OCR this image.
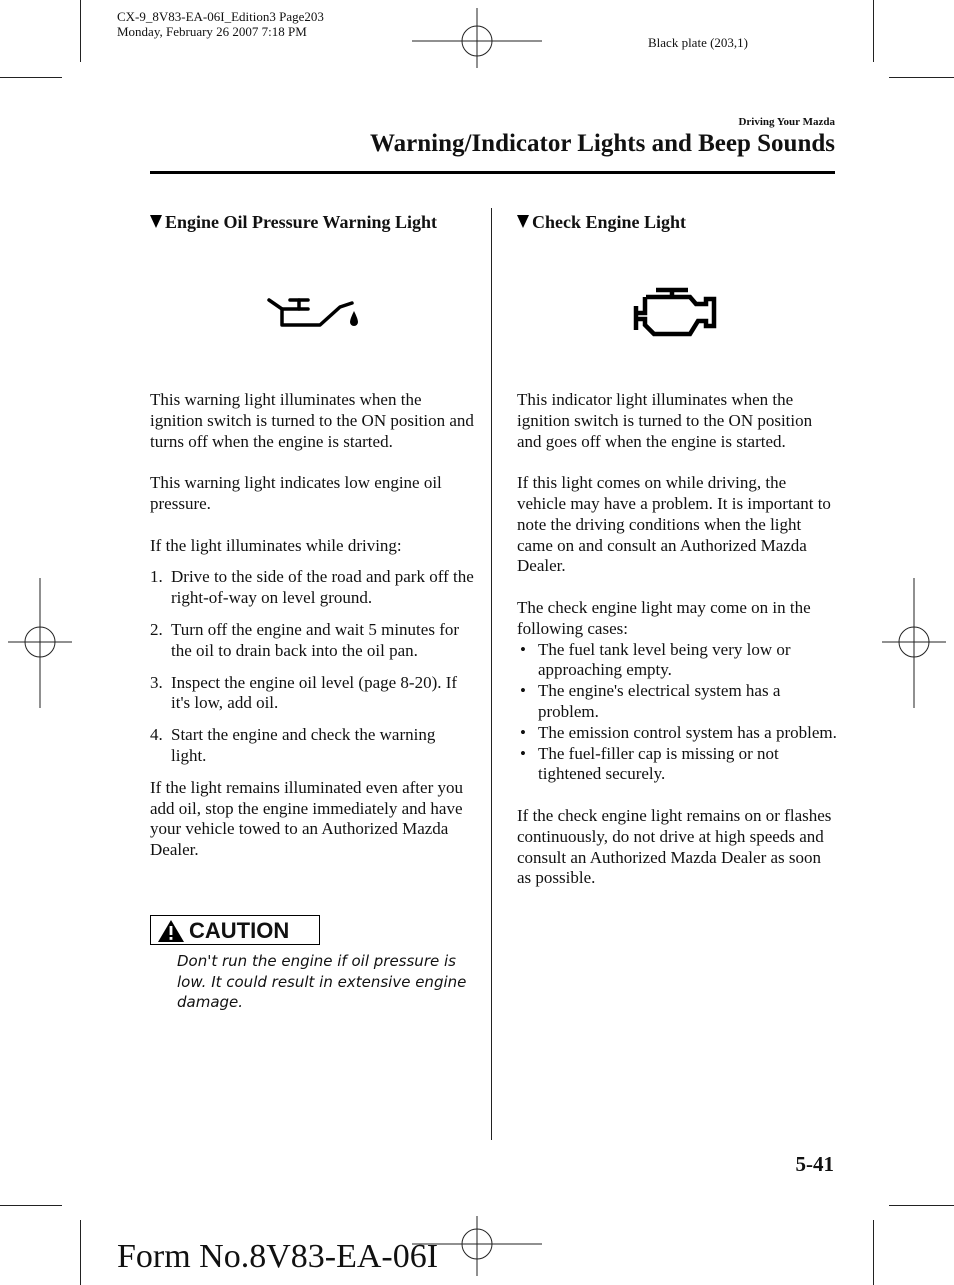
CX-9_8V83-EA-06I_Edition3 Page203
Monday, February 26 2007 7:18 PM
Black plate (203,1)
Driving Your Mazda
Warning/Indicator Lights and Beep Sounds
Engine Oil Pressure Warning Light

This warning light illuminates when the ignition switch is turned to the ON position and turns off when the engine is started.

This warning light indicates low engine oil pressure.

If the light illuminates while driving:

1. Drive to the side of the road and park off the right-of-way on level ground.
2. Turn off the engine and wait 5 minutes for the oil to drain back into the oil pan.
3. Inspect the engine oil level (page 8-20). If it's low, add oil.
4. Start the engine and check the warning light.

If the light remains illuminated even after you add oil, stop the engine immediately and have your vehicle towed to an Authorized Mazda Dealer.

CAUTION
Don't run the engine if oil pressure is low. It could result in extensive engine damage.
Check Engine Light

This indicator light illuminates when the ignition switch is turned to the ON position and goes off when the engine is started.

If this light comes on while driving, the vehicle may have a problem. It is important to note the driving conditions when the light came on and consult an Authorized Mazda Dealer.

The check engine light may come on in the following cases:

• The fuel tank level being very low or approaching empty.
• The engine's electrical system has a problem.
• The emission control system has a problem.
• The fuel-filler cap is missing or not tightened securely.

If the check engine light remains on or flashes continuously, do not drive at high speeds and consult an Authorized Mazda Dealer as soon as possible.

5-41
Form No.8V83-EA-06I
